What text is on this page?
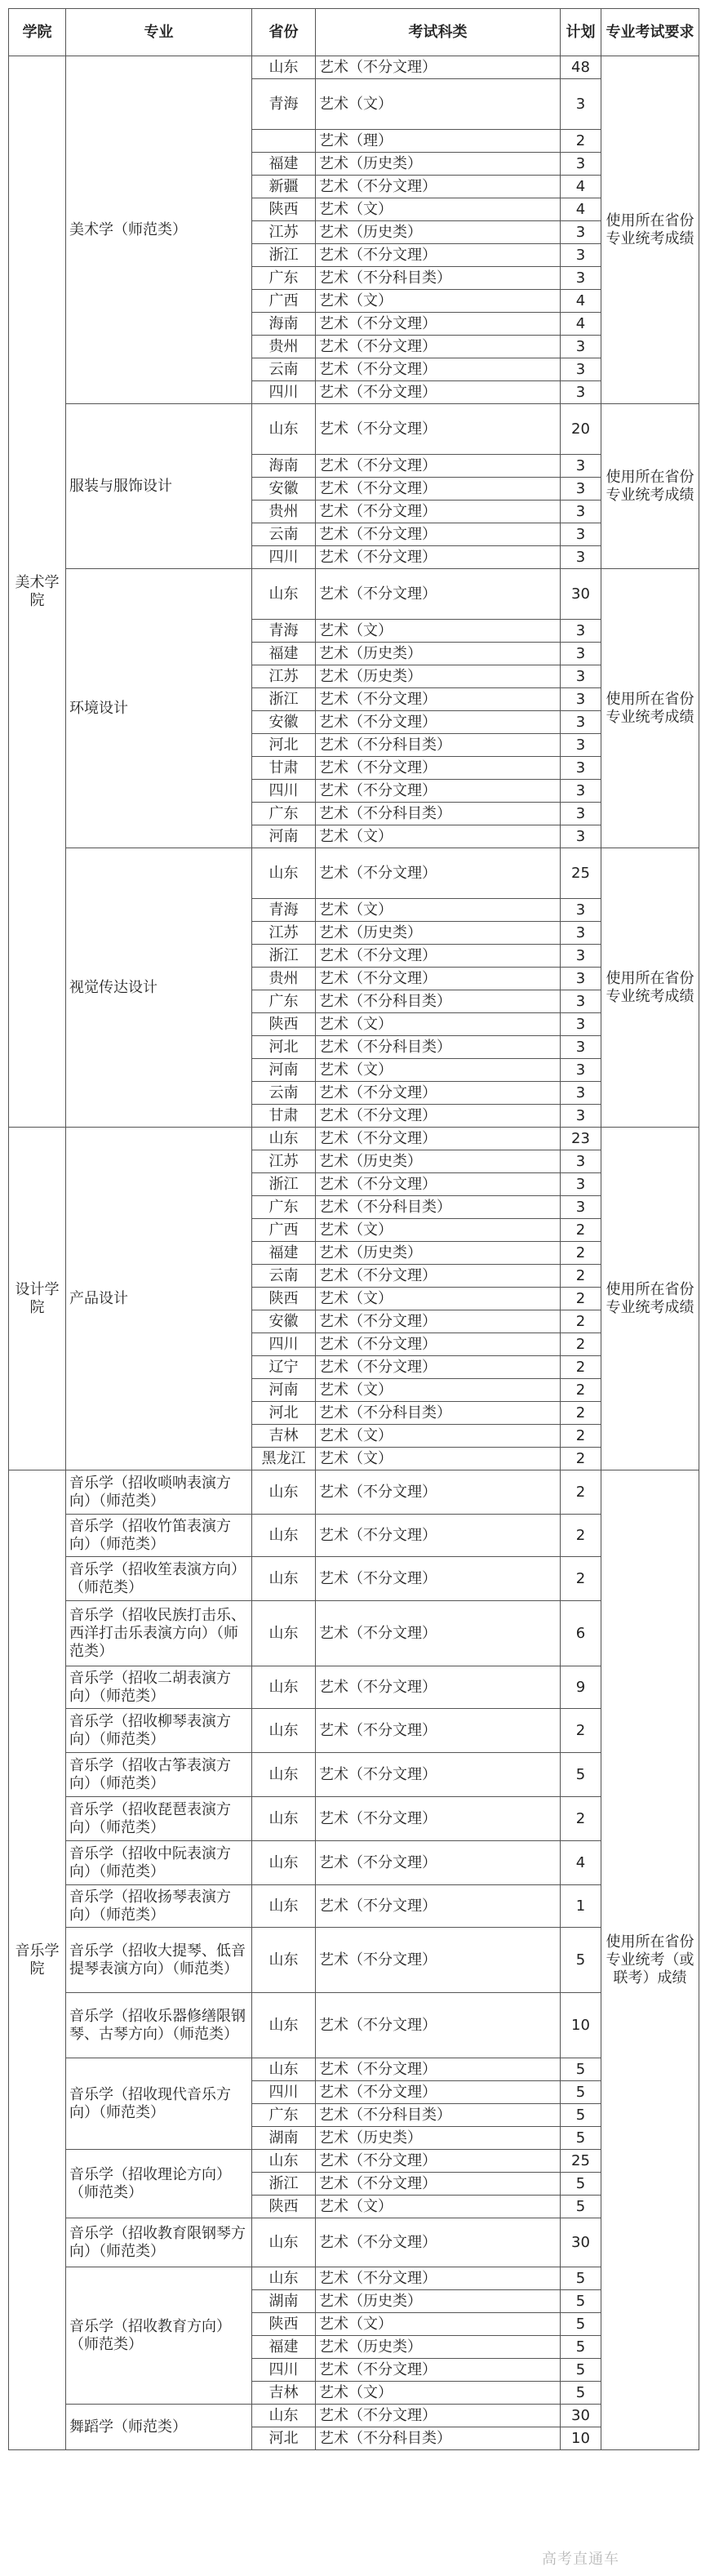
学院	专业	省份	考试科类	计划	专业考试要求
美术学院	美术学（师范类）	山东	艺术（不分文理）	48	使用所在省份专业统考成绩
		青海	艺术（文）	3	
			艺术（理）	2	
		福建	艺术（历史类）	3	
		新疆	艺术（不分文理）	4	
		陕西	艺术（文）	4	
		江苏	艺术（历史类）	3	
		浙江	艺术（不分文理）	3	
		广东	艺术（不分科目类）	3	
		广西	艺术（文）	4	
		海南	艺术（不分文理）	4	
		贵州	艺术（不分文理）	3	
		云南	艺术（不分文理）	3	
		四川	艺术（不分文理）	3	
	服装与服饰设计	山东	艺术（不分文理）	20	使用所在省份专业统考成绩
		海南	艺术（不分文理）	3	
		安徽	艺术（不分文理）	3	
		贵州	艺术（不分文理）	3	
		云南	艺术（不分文理）	3	
		四川	艺术（不分文理）	3	
	环境设计	山东	艺术（不分文理）	30	使用所在省份专业统考成绩
		青海	艺术（文）	3	
		福建	艺术（历史类）	3	
		江苏	艺术（历史类）	3	
		浙江	艺术（不分文理）	3	
		安徽	艺术（不分文理）	3	
		河北	艺术（不分科目类）	3	
		甘肃	艺术（不分文理）	3	
		四川	艺术（不分文理）	3	
		广东	艺术（不分科目类）	3	
		河南	艺术（文）	3	
	视觉传达设计	山东	艺术（不分文理）	25	使用所在省份专业统考成绩
		青海	艺术（文）	3	
		江苏	艺术（历史类）	3	
		浙江	艺术（不分文理）	3	
		贵州	艺术（不分文理）	3	
		广东	艺术（不分科目类）	3	
		陕西	艺术（文）	3	
		河北	艺术（不分科目类）	3	
		河南	艺术（文）	3	
		云南	艺术（不分文理）	3	
		甘肃	艺术（不分文理）	3	
设计学院	产品设计	山东	艺术（不分文理）	23	使用所在省份专业统考成绩
		江苏	艺术（历史类）	3	
		浙江	艺术（不分文理）	3	
		广东	艺术（不分科目类）	3	
		广西	艺术（文）	2	
		福建	艺术（历史类）	2	
		云南	艺术（不分文理）	2	
		陕西	艺术（文）	2	
		安徽	艺术（不分文理）	2	
		四川	艺术（不分文理）	2	
		辽宁	艺术（不分文理）	2	
		河南	艺术（文）	2	
		河北	艺术（不分科目类）	2	
		吉林	艺术（文）	2	
		黑龙江	艺术（文）	2	
音乐学院	音乐学（招收唢呐表演方向）（师范类）	山东	艺术（不分文理）	2	使用所在省份专业统考（或联考）成绩
	音乐学（招收竹笛表演方向）（师范类）	山东	艺术（不分文理）	2	
	音乐学（招收笙表演方向）（师范类）	山东	艺术（不分文理）	2	
	音乐学（招收民族打击乐、西洋打击乐表演方向）（师范类）	山东	艺术（不分文理）	6	
	音乐学（招收二胡表演方向）（师范类）	山东	艺术（不分文理）	9	
	音乐学（招收柳琴表演方向）（师范类）	山东	艺术（不分文理）	2	
	音乐学（招收古筝表演方向）（师范类）	山东	艺术（不分文理）	5	
	音乐学（招收琵琶表演方向）（师范类）	山东	艺术（不分文理）	2	
	音乐学（招收中阮表演方向）（师范类）	山东	艺术（不分文理）	4	
	音乐学（招收扬琴表演方向）（师范类）	山东	艺术（不分文理）	1	
	音乐学（招收大提琴、低音提琴表演方向）（师范类）	山东	艺术（不分文理）	5	
	音乐学（招收乐器修缮限钢琴、古琴方向）（师范类）	山东	艺术（不分文理）	10	
	音乐学（招收现代音乐方向）（师范类）	山东	艺术（不分文理）	5	
		四川	艺术（不分文理）	5	
		广东	艺术（不分科目类）	5	
		湖南	艺术（历史类）	5	
	音乐学（招收理论方向）（师范类）	山东	艺术（不分文理）	25	
		浙江	艺术（不分文理）	5	
		陕西	艺术（文）	5	
	音乐学（招收教育限钢琴方向）（师范类）	山东	艺术（不分文理）	30	
	音乐学（招收教育方向）（师范类）	山东	艺术（不分文理）	5	
		湖南	艺术（历史类）	5	
		陕西	艺术（文）	5	
		福建	艺术（历史类）	5	
		四川	艺术（不分文理）	5	
		吉林	艺术（文）	5	
	舞蹈学（师范类）	山东	艺术（不分文理）	30	
		河北	艺术（不分科目类）	10	
高考直通车
